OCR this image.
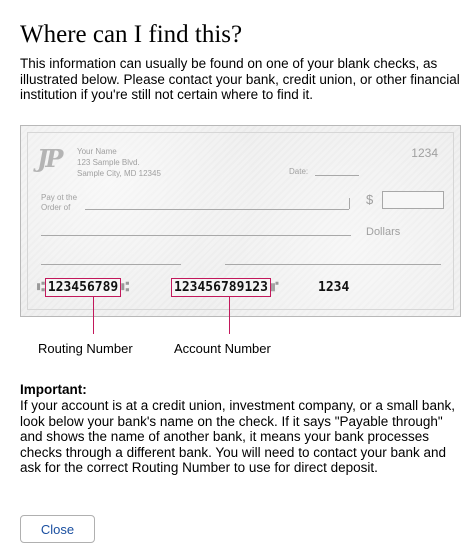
Where can I find this?

This information can usually be found on one of your blank checks, as illustrated below. Please contact your bank, credit union, or other financial institution if you're still not certain where to find it.

JP Your Name
123 Sample Blvd.
Sample City, MD 12345
1234
Date:
Pay ot the
Order of
$
Dollars
⑆ 123456789 ⑆	123456789123 ⑈	1234
Routing Number	Account Number

Important:

If your account is at a credit union, investment company, or a small bank, look below your bank's name on the check. If it says "Payable through" and shows the name of another bank, it means your bank processes checks through a different bank. You will need to contact your bank and ask for the correct Routing Number to use for direct deposit.

Close
